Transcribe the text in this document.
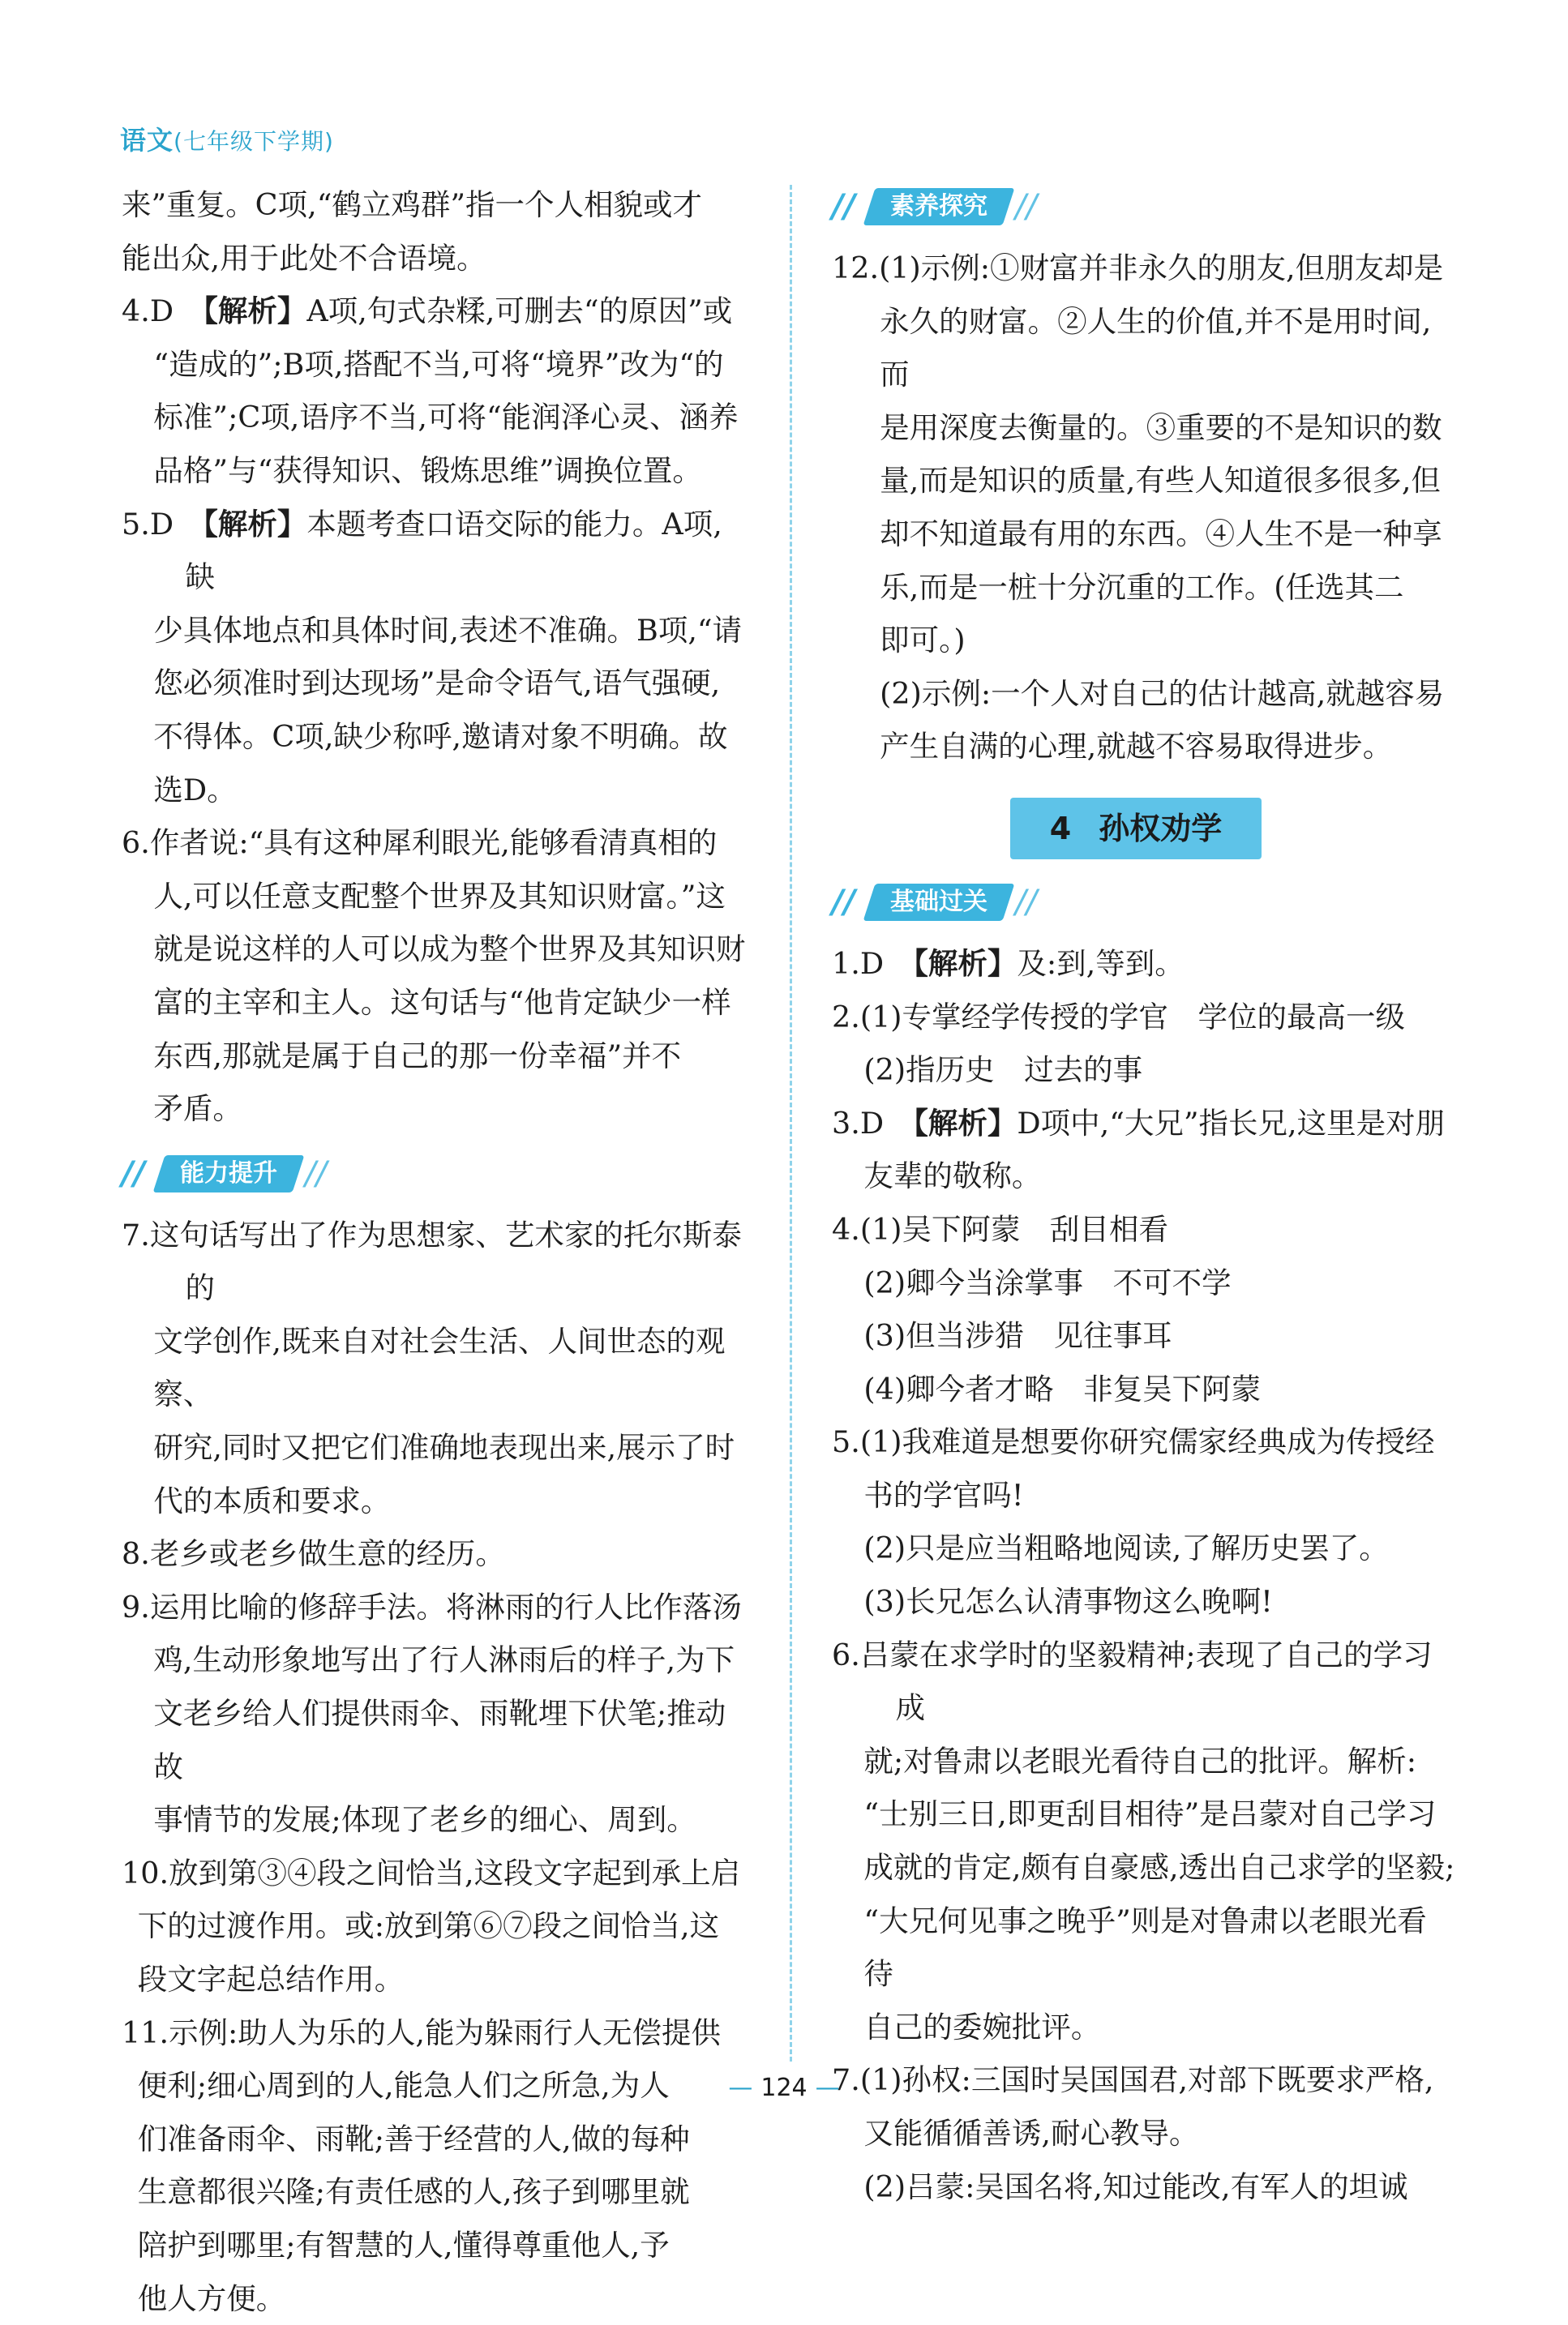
语文(七年级下学期)

来”重复。C项,“鹤立鸡群”指一个人相貌或才

能出众,用于此处不合语境。

4.D　 【解析】A项,句式杂糅,可删去“的原因”或

“造成的”;B项,搭配不当,可将“境界”改为“的

标准”;C项,语序不当,可将“能润泽心灵、涵养

品格”与“获得知识、锻炼思维”调换位置。

5.D　 【解析】本题考查口语交际的能力。A项,缺

少具体地点和具体时间,表述不准确。B项,“请

您必须准时到达现场”是命令语气,语气强硬,

不得体。C项,缺少称呼,邀请对象不明确。故

选D。

6.作者说:“具有这种犀利眼光,能够看清真相的

人,可以任意支配整个世界及其知识财富。”这

就是说这样的人可以成为整个世界及其知识财

富的主宰和主人。这句话与“他肯定缺少一样

东西,那就是属于自己的那一份幸福”并不

矛盾。

//	能力提升 //

7.这句话写出了作为思想家、艺术家的托尔斯泰的

文学创作,既来自对社会生活、人间世态的观察、

研究,同时又把它们准确地表现出来,展示了时

代的本质和要求。

8.老乡或老乡做生意的经历。

9.运用比喻的修辞手法。将淋雨的行人比作落汤

鸡,生动形象地写出了行人淋雨后的样子,为下

文老乡给人们提供雨伞、雨靴埋下伏笔;推动故

事情节的发展;体现了老乡的细心、周到。

10.放到第③④段之间恰当,这段文字起到承上启

下的过渡作用。或:放到第⑥⑦段之间恰当,这

段文字起总结作用。

11.示例:助人为乐的人,能为躲雨行人无偿提供

便利;细心周到的人,能急人们之所急,为人

们准备雨伞、雨靴;善于经营的人,做的每种

生意都很兴隆;有责任感的人,孩子到哪里就

陪护到哪里;有智慧的人,懂得尊重他人,予

他人方便。

//	素养探究 //

12.(1)示例:①财富并非永久的朋友,但朋友却是

永久的财富。②人生的价值,并不是用时间,而

是用深度去衡量的。③重要的不是知识的数

量,而是知识的质量,有些人知道很多很多,但

却不知道最有用的东西。④人生不是一种享

乐,而是一桩十分沉重的工作。(任选其二

即可。)

(2)示例:一个人对自己的估计越高,就越容易

产生自满的心理,就越不容易取得进步。

4 孙权劝学
//	基础过关 //

1.D　 【解析】及:到,等到。

2.(1)专掌经学传授的学官　学位的最高一级

(2)指历史　过去的事

3.D　 【解析】D项中,“大兄”指长兄,这里是对朋

友辈的敬称。

4.(1)吴下阿蒙　刮目相看

(2)卿今当涂掌事　不可不学

(3)但当涉猎　见往事耳

(4)卿今者才略　非复吴下阿蒙

5.(1)我难道是想要你研究儒家经典成为传授经

书的学官吗!

(2)只是应当粗略地阅读,了解历史罢了。

(3)长兄怎么认清事物这么晚啊!

6.吕蒙在求学时的坚毅精神;表现了自己的学习成

就;对鲁肃以老眼光看待自己的批评。解析:

“士别三日,即更刮目相待”是吕蒙对自己学习

成就的肯定,颇有自豪感,透出自己求学的坚毅;

“大兄何见事之晚乎”则是对鲁肃以老眼光看待

自己的委婉批评。

7.(1)孙权:三国时吴国国君,对部下既要求严格,

又能循循善诱,耐心教导。

(2)吕蒙:吴国名将,知过能改,有军人的坦诚

— 124 —
